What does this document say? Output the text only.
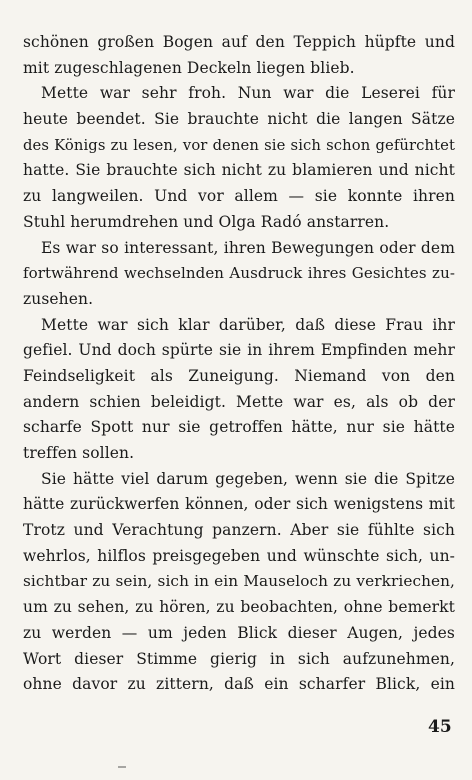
schönen großen Bogen auf den Teppich hüpfte und
mit zugeschlagenen Deckeln liegen blieb.
Mette war sehr froh. Nun war die Leserei für
heute beendet. Sie brauchte nicht die langen Sätze
des Königs zu lesen, vor denen sie sich schon gefürchtet
hatte. Sie brauchte sich nicht zu blamieren und nicht
zu langweilen. Und vor allem — sie konnte ihren
Stuhl herumdrehen und Olga Radó anstarren.
Es war so interessant, ihren Bewegungen oder dem
fortwährend wechselnden Ausdruck ihres Gesichtes zu-
zusehen.
Mette war sich klar darüber, daß diese Frau ihr
gefiel. Und doch spürte sie in ihrem Empfinden mehr
Feindseligkeit als Zuneigung. Niemand von den
andern schien beleidigt. Mette war es, als ob der
scharfe Spott nur sie getroffen hätte, nur sie hätte
treffen sollen.
Sie hätte viel darum gegeben, wenn sie die Spitze
hätte zurückwerfen können, oder sich wenigstens mit
Trotz und Verachtung panzern. Aber sie fühlte sich
wehrlos, hilflos preisgegeben und wünschte sich, un-
sichtbar zu sein, sich in ein Mauseloch zu verkriechen,
um zu sehen, zu hören, zu beobachten, ohne bemerkt
zu werden — um jeden Blick dieser Augen, jedes
Wort dieser Stimme gierig in sich aufzunehmen,
ohne davor zu zittern, daß ein scharfer Blick, ein
45
